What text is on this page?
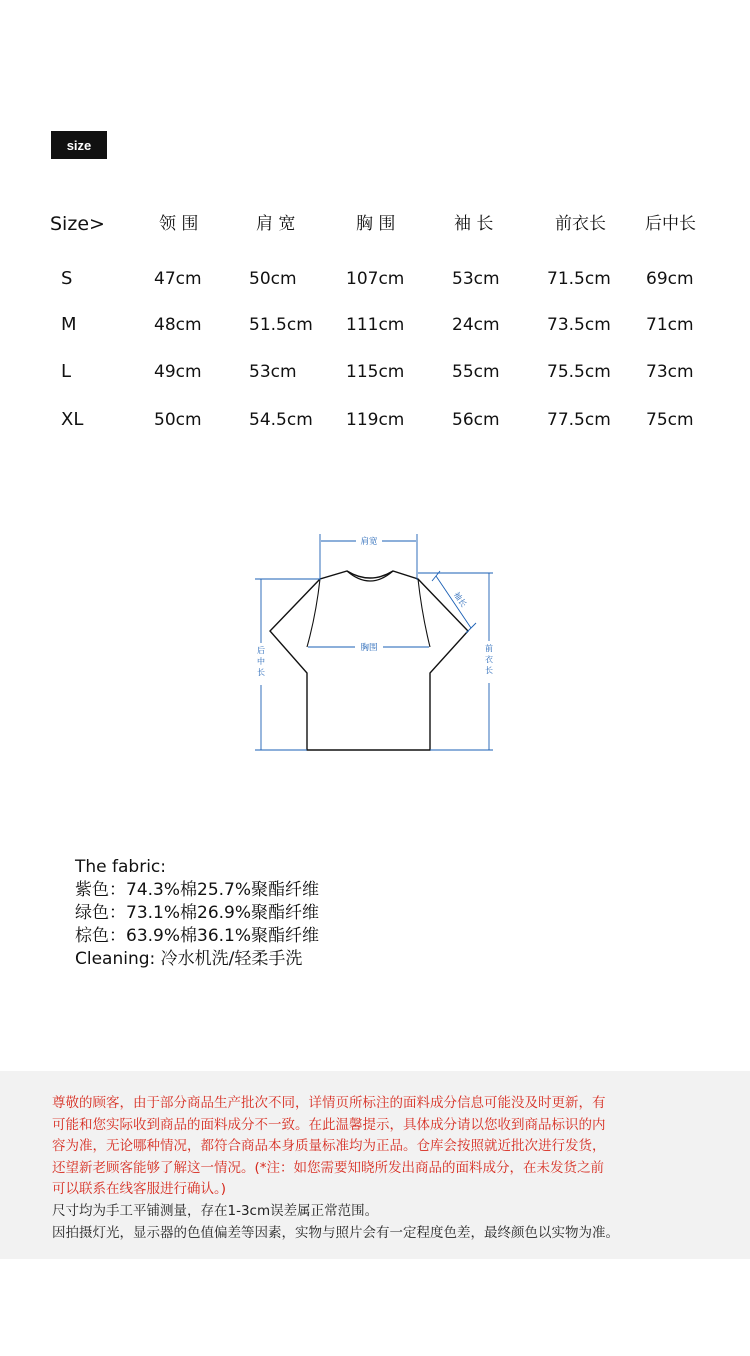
size
Size>	领 围	肩 宽	胸 围	袖 长	前衣长 后中长
S	47cm	50cm	107cm	53cm	71.5cm 69cm
M	48cm	51.5cm 111cm	24cm	73.5cm 71cm
L	49cm	53cm	115cm	55cm	75.5cm 73cm
XL	50cm	54.5cm 119cm	56cm	77.5cm 75cm
肩宽
胸围
后中长	前衣长
袖长
The fabric:
紫色：74.3%棉25.7%聚酯纤维
绿色：73.1%棉26.9%聚酯纤维
棕色：63.9%棉36.1%聚酯纤维
Cleaning: 冷水机洗/轻柔手洗
尊敬的顾客，由于部分商品生产批次不同，详情页所标注的面料成分信息可能没及时更新，有
可能和您实际收到商品的面料成分不一致。在此温馨提示，具体成分请以您收到商品标识的内
容为准，无论哪种情况，都符合商品本身质量标准均为正品。仓库会按照就近批次进行发货，
还望新老顾客能够了解这一情况。(*注：如您需要知晓所发出商品的面料成分，在未发货之前
可以联系在线客服进行确认。)
尺寸均为手工平铺测量，存在1-3cm误差属正常范围。
因拍摄灯光，显示器的色值偏差等因素，实物与照片会有一定程度色差，最终颜色以实物为准。
